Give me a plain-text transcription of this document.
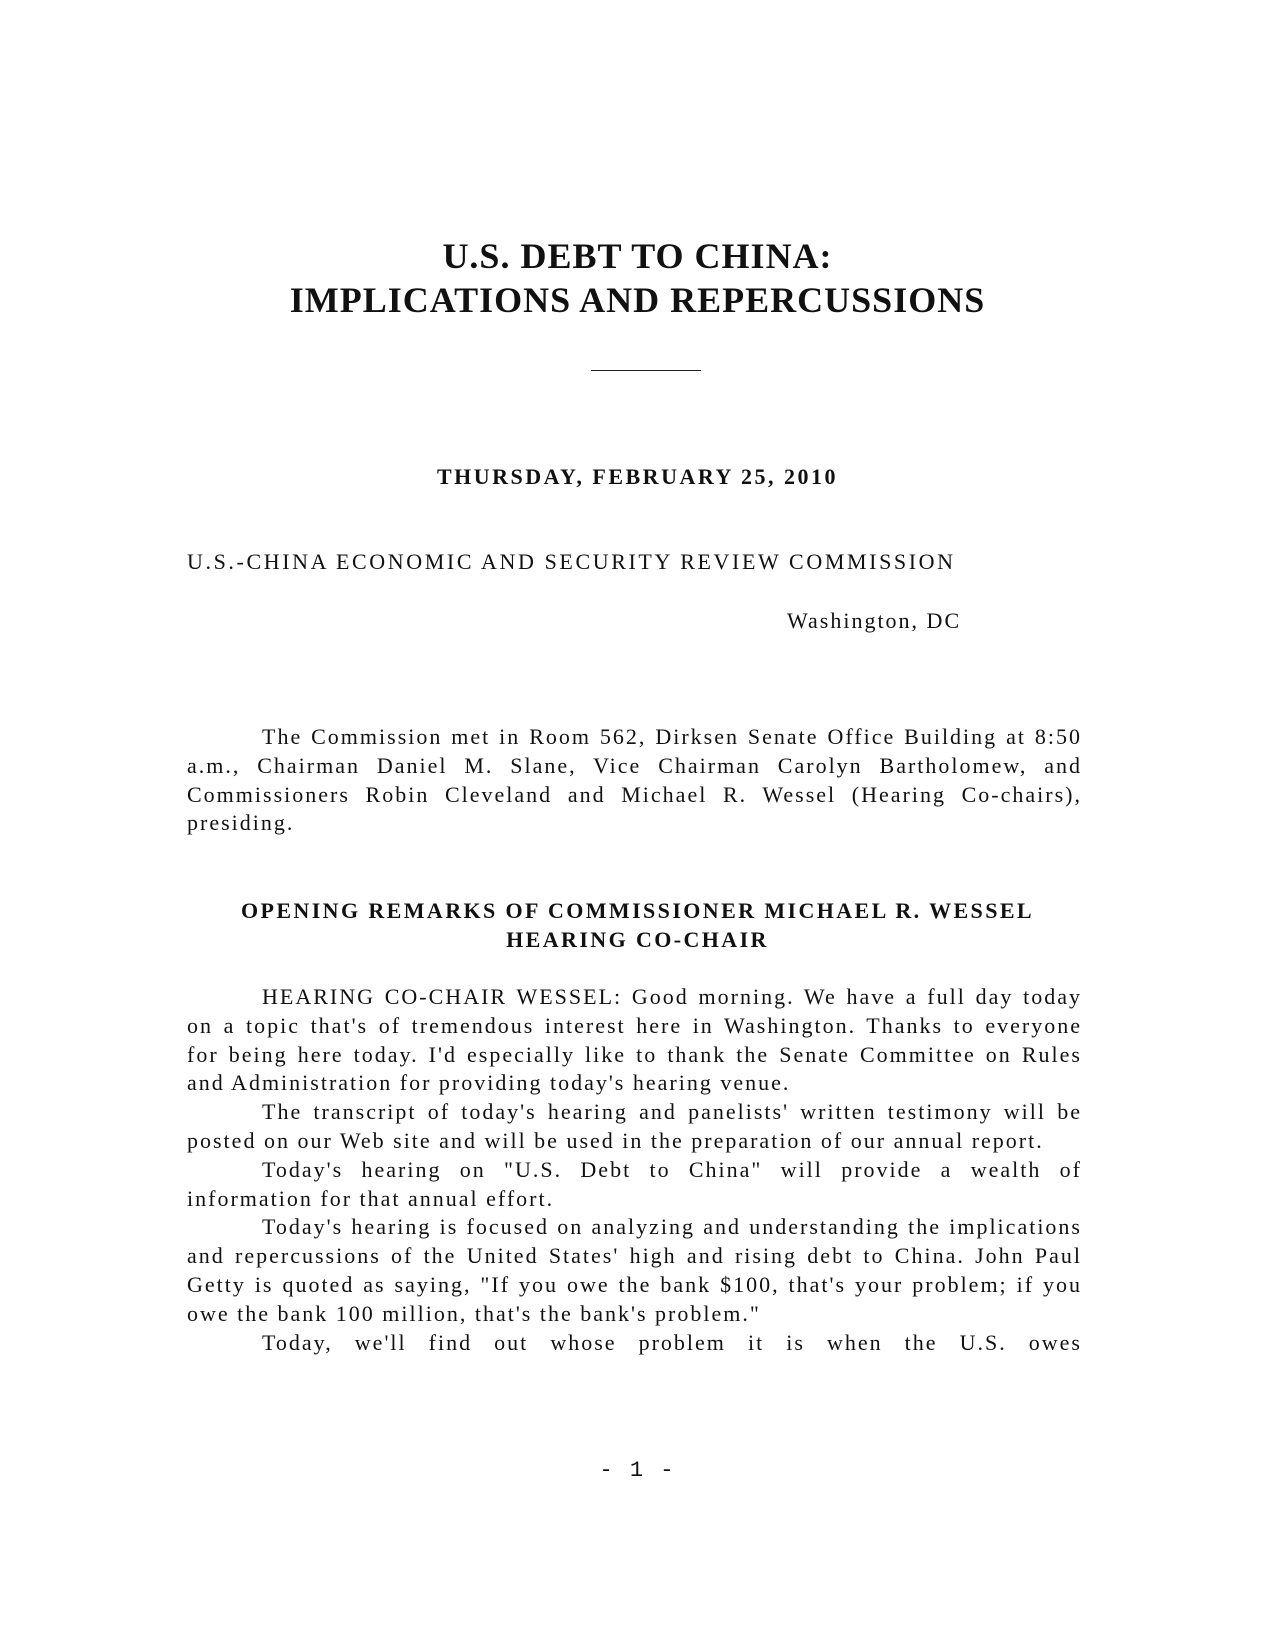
U.S. DEBT TO CHINA:
IMPLICATIONS AND REPERCUSSIONS
THURSDAY, FEBRUARY 25, 2010
U.S.-CHINA ECONOMIC AND SECURITY REVIEW COMMISSION
Washington, DC

The Commission met in Room 562, Dirksen Senate Office Building at 8:50 a.m., Chairman Daniel M. Slane, Vice Chairman Carolyn Bartholomew, and Commissioners Robin Cleveland and Michael R. Wessel (Hearing Co-chairs), presiding.

OPENING REMARKS OF COMMISSIONER MICHAEL R. WESSEL
HEARING CO-CHAIR

HEARING CO-CHAIR WESSEL: Good morning. We have a full day today on a topic that's of tremendous interest here in Washington. Thanks to everyone for being here today. I'd especially like to thank the Senate Committee on Rules and Administration for providing today's hearing venue.

The transcript of today's hearing and panelists' written testimony will be posted on our Web site and will be used in the preparation of our annual report.

Today's hearing on "U.S. Debt to China" will provide a wealth of information for that annual effort.

Today's hearing is focused on analyzing and understanding the implications and repercussions of the United States' high and rising debt to China. John Paul Getty is quoted as saying, "If you owe the bank $100, that's your problem; if you owe the bank 100 million, that's the bank's problem."

Today, we'll find out whose problem it is when the U.S. owes

- 1 -
